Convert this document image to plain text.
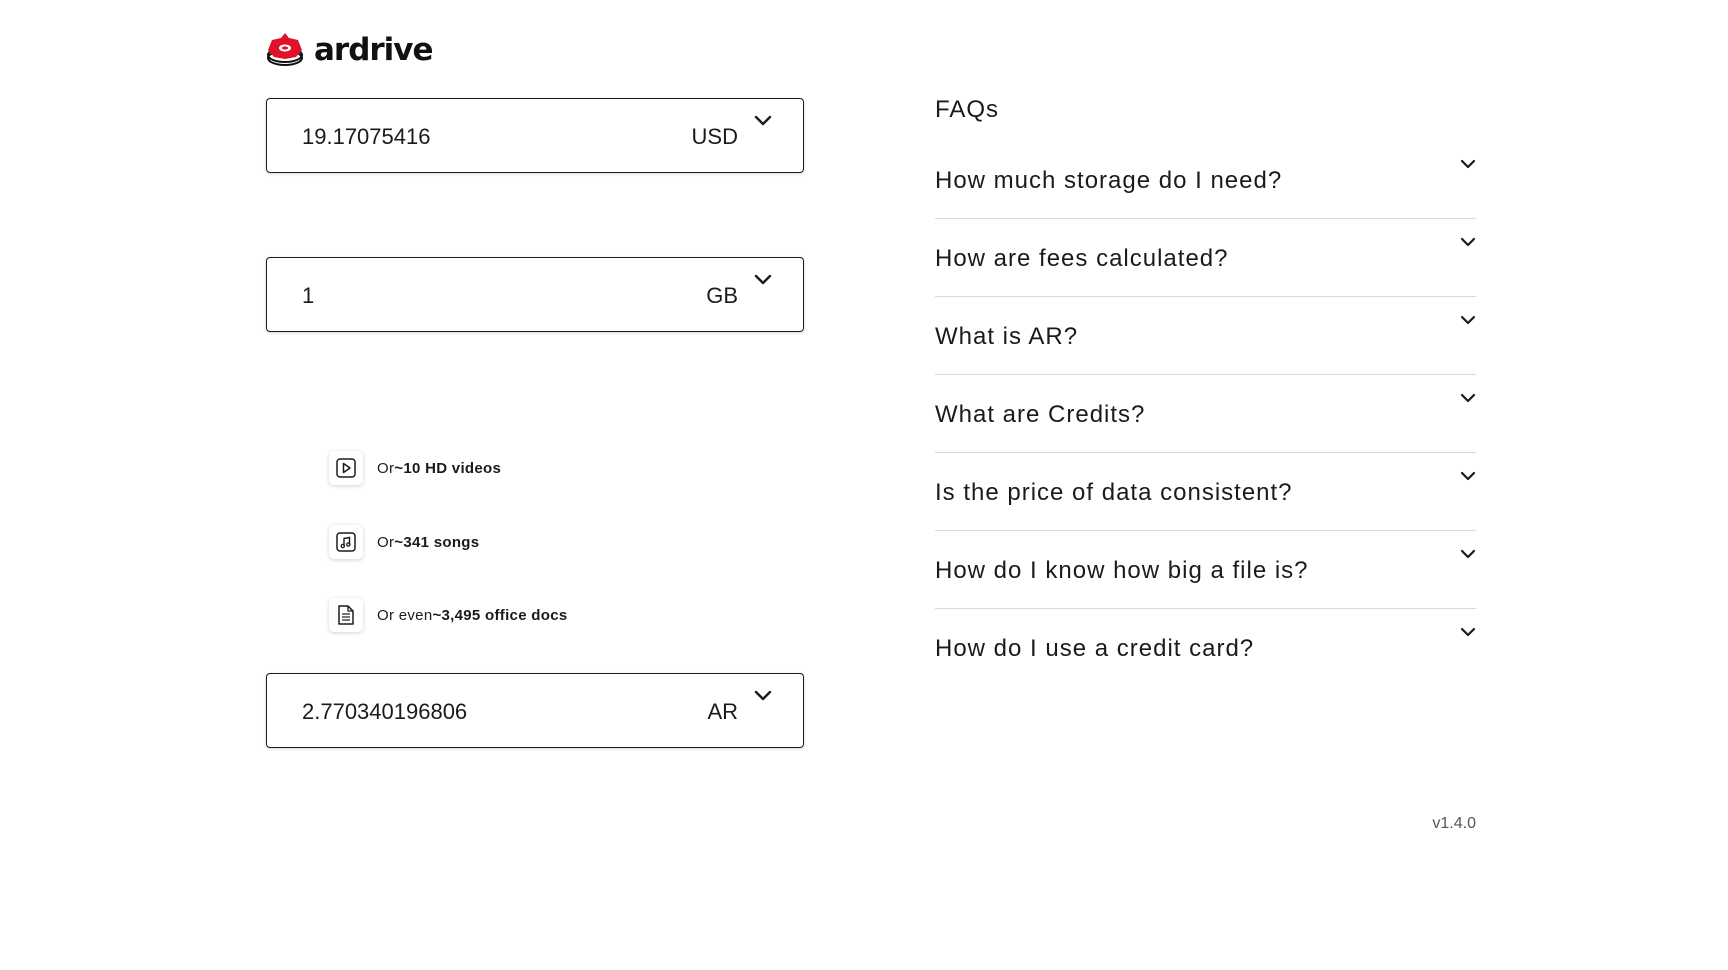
ardrive
19.17075416	USD
1	GB
Or~10 HD videos
Or~341 songs
Or even~3,495 office docs
2.770340196806	AR
FAQs
How much storage do I need?
How are fees calculated?
What is AR?
What are Credits?
Is the price of data consistent?
How do I know how big a file is?
How do I use a credit card?
v1.4.0
